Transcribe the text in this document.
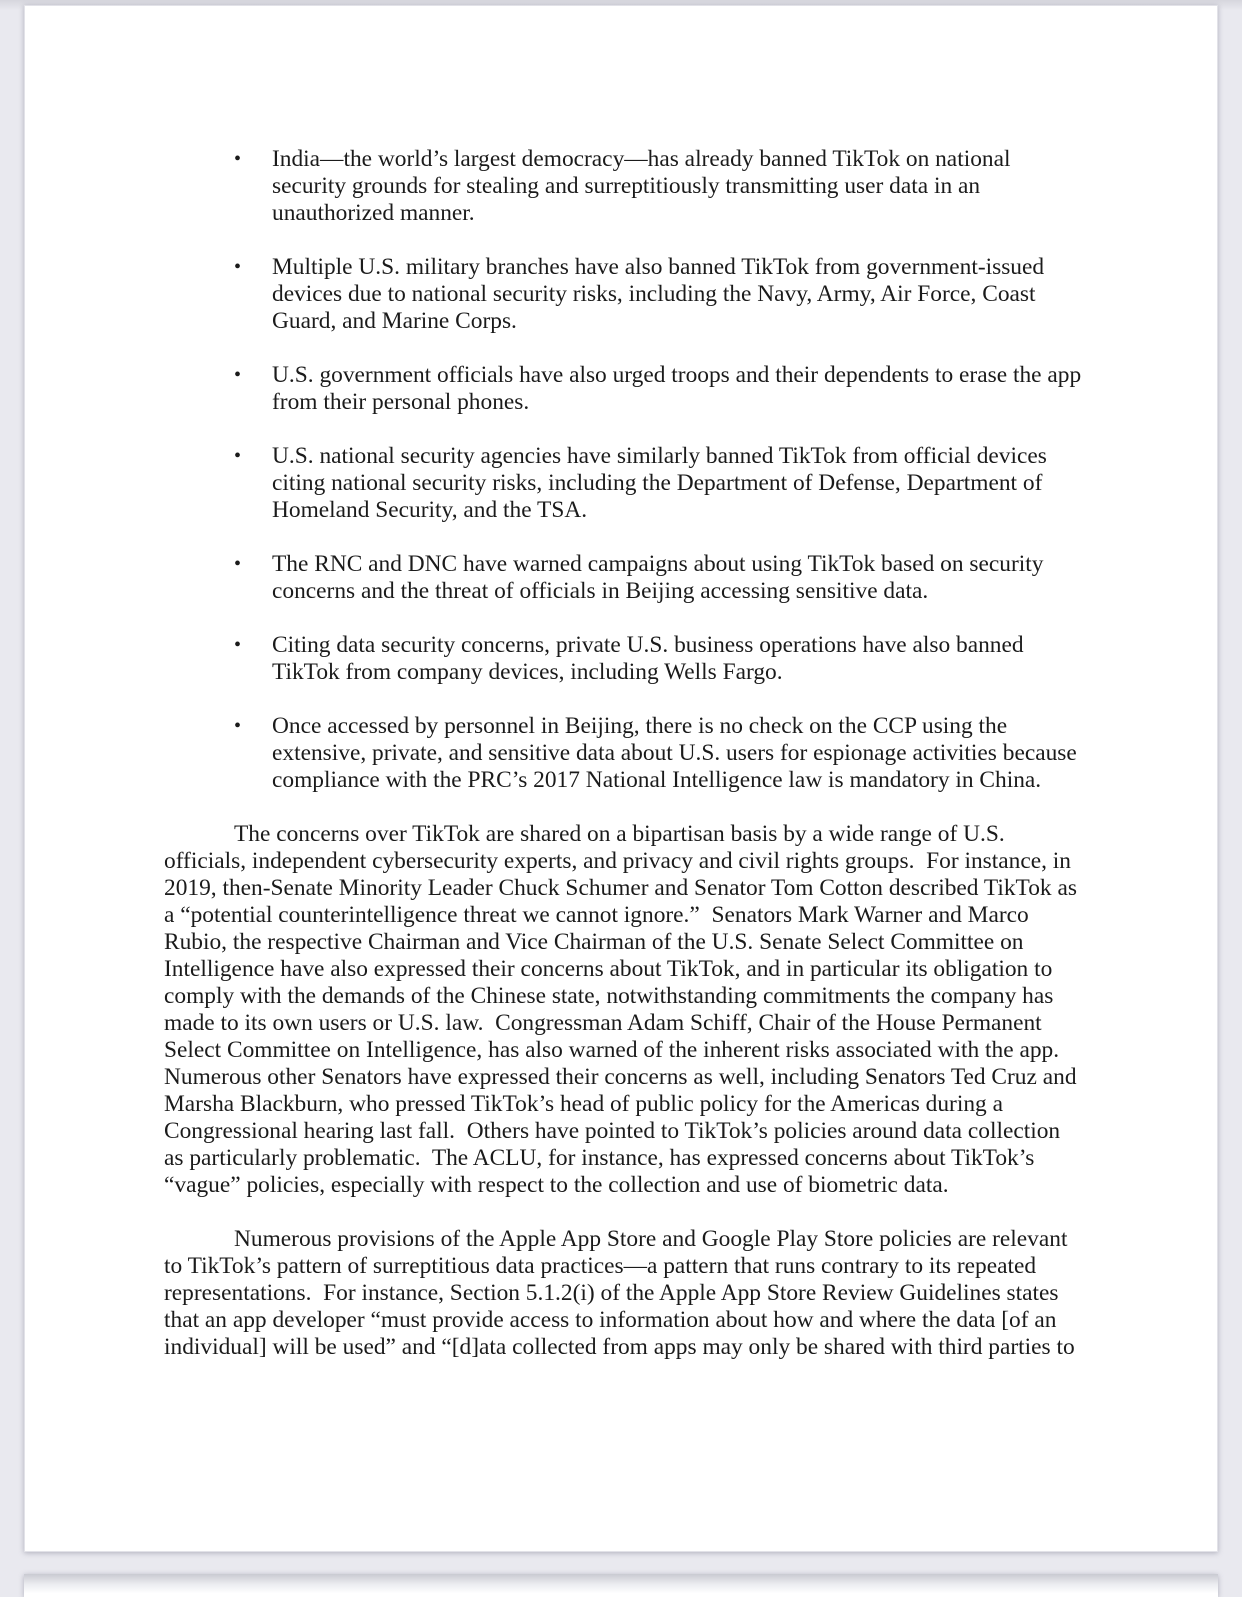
•	India—the world’s largest democracy—has already banned TikTok on national security grounds for stealing and surreptitiously transmitting user data in an unauthorized manner.
•	Multiple U.S. military branches have also banned TikTok from government-issued devices due to national security risks, including the Navy, Army, Air Force, Coast Guard, and Marine Corps.
•	U.S. government officials have also urged troops and their dependents to erase the app from their personal phones.
•	U.S. national security agencies have similarly banned TikTok from official devices citing national security risks, including the Department of Defense, Department of Homeland Security, and the TSA.
•	The RNC and DNC have warned campaigns about using TikTok based on security concerns and the threat of officials in Beijing accessing sensitive data.
•	Citing data security concerns, private U.S. business operations have also banned TikTok from company devices, including Wells Fargo.
•	Once accessed by personnel in Beijing, there is no check on the CCP using the extensive, private, and sensitive data about U.S. users for espionage activities because compliance with the PRC’s 2017 National Intelligence law is mandatory in China.

The concerns over TikTok are shared on a bipartisan basis by a wide range of U.S. officials, independent cybersecurity experts, and privacy and civil rights groups.  For instance, in 2019, then-Senate Minority Leader Chuck Schumer and Senator Tom Cotton described TikTok as a “potential counterintelligence threat we cannot ignore.”  Senators Mark Warner and Marco Rubio, the respective Chairman and Vice Chairman of the U.S. Senate Select Committee on Intelligence have also expressed their concerns about TikTok, and in particular its obligation to comply with the demands of the Chinese state, notwithstanding commitments the company has made to its own users or U.S. law.  Congressman Adam Schiff, Chair of the House Permanent Select Committee on Intelligence, has also warned of the inherent risks associated with the app.  Numerous other Senators have expressed their concerns as well, including Senators Ted Cruz and Marsha Blackburn, who pressed TikTok’s head of public policy for the Americas during a Congressional hearing last fall.  Others have pointed to TikTok’s policies around data collection as particularly problematic.  The ACLU, for instance, has expressed concerns about TikTok’s “vague” policies, especially with respect to the collection and use of biometric data.

Numerous provisions of the Apple App Store and Google Play Store policies are relevant to TikTok’s pattern of surreptitious data practices—a pattern that runs contrary to its repeated representations.  For instance, Section 5.1.2(i) of the Apple App Store Review Guidelines states that an app developer “must provide access to information about how and where the data [of an individual] will be used” and “[d]ata collected from apps may only be shared with third parties to
